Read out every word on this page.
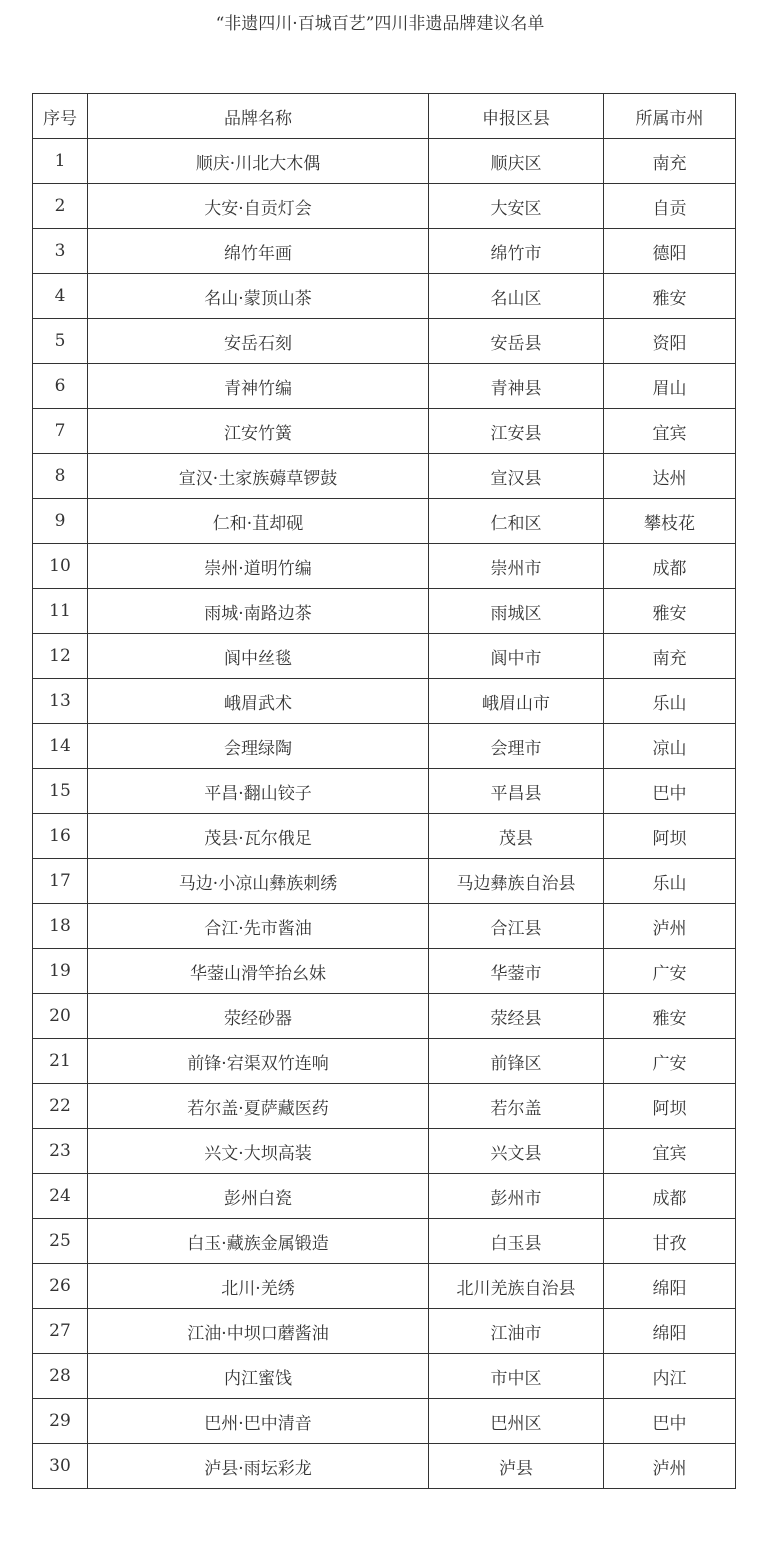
“非遗四川·百城百艺”四川非遗品牌建议名单
序号	品牌名称	申报区县	所属市州
1	顺庆·川北大木偶	顺庆区	南充
2	大安·自贡灯会	大安区	自贡
3	绵竹年画	绵竹市	德阳
4	名山·蒙顶山茶	名山区	雅安
5	安岳石刻	安岳县	资阳
6	青神竹编	青神县	眉山
7	江安竹簧	江安县	宜宾
8	宣汉·土家族薅草锣鼓	宣汉县	达州
9	仁和·苴却砚	仁和区	攀枝花
10	崇州·道明竹编	崇州市	成都
11	雨城·南路边茶	雨城区	雅安
12	阆中丝毯	阆中市	南充
13	峨眉武术	峨眉山市	乐山
14	会理绿陶	会理市	凉山
15	平昌·翻山铰子	平昌县	巴中
16	茂县·瓦尔俄足	茂县	阿坝
17	马边·小凉山彝族刺绣	马边彝族自治县	乐山
18	合江·先市酱油	合江县	泸州
19	华蓥山滑竿抬幺妹	华蓥市	广安
20	荥经砂器	荥经县	雅安
21	前锋·宕渠双竹连响	前锋区	广安
22	若尔盖·夏萨藏医药	若尔盖	阿坝
23	兴文·大坝高装	兴文县	宜宾
24	彭州白瓷	彭州市	成都
25	白玉·藏族金属锻造	白玉县	甘孜
26	北川·羌绣	北川羌族自治县	绵阳
27	江油·中坝口蘑酱油	江油市	绵阳
28	内江蜜饯	市中区	内江
29	巴州·巴中清音	巴州区	巴中
30	泸县·雨坛彩龙	泸县	泸州
